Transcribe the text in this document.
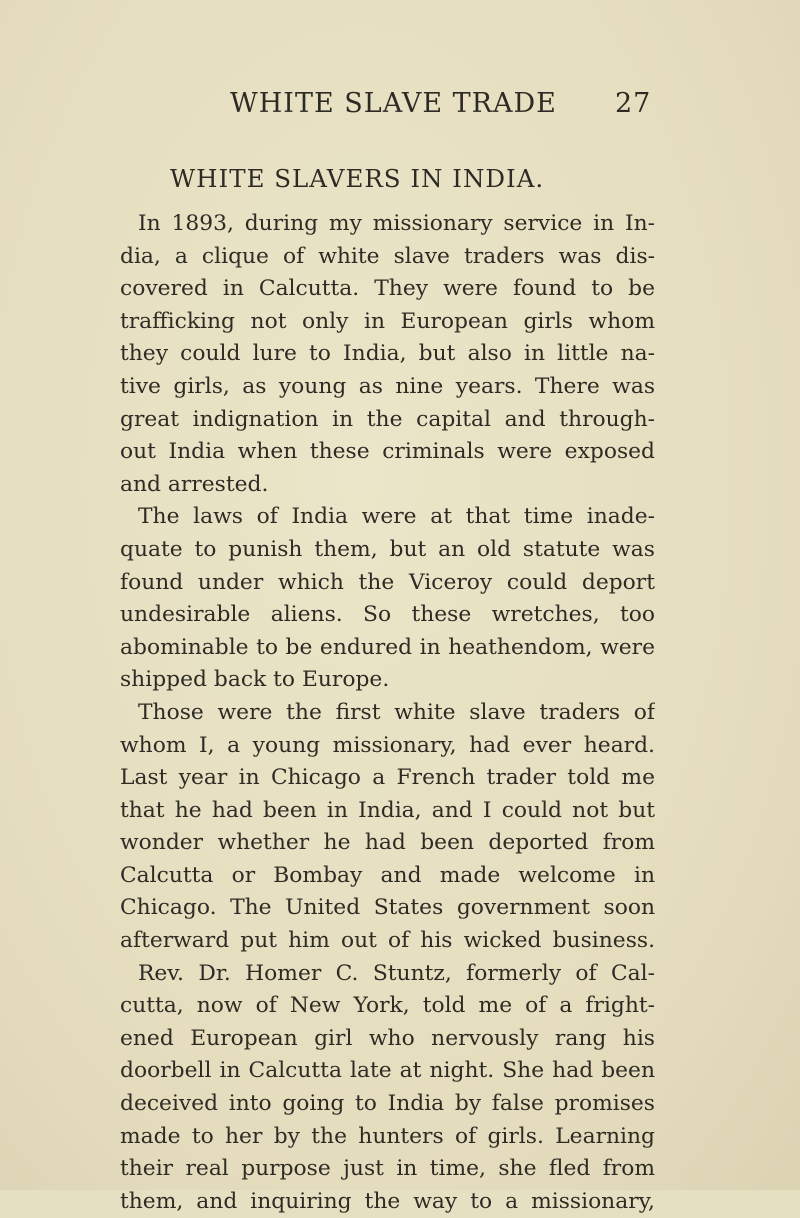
WHITE SLAVE TRADE 27
WHITE SLAVERS IN INDIA.
In 1893, during my missionary service in In-
dia, a clique of white slave traders was dis-
covered in Calcutta. They were found to be
trafficking not only in European girls whom
they could lure to India, but also in little na-
tive girls, as young as nine years. There was
great indignation in the capital and through-
out India when these criminals were exposed
and arrested.
The laws of India were at that time inade-
quate to punish them, but an old statute was
found under which the Viceroy could deport
undesirable aliens. So these wretches, too
abominable to be endured in heathendom, were
shipped back to Europe.
Those were the first white slave traders of
whom I, a young missionary, had ever heard.
Last year in Chicago a French trader told me
that he had been in India, and I could not but
wonder whether he had been deported from
Calcutta or Bombay and made welcome in
Chicago. The United States government soon
afterward put him out of his wicked business.
Rev. Dr. Homer C. Stuntz, formerly of Cal-
cutta, now of New York, told me of a fright-
ened European girl who nervously rang his
doorbell in Calcutta late at night. She had been
deceived into going to India by false promises
made to her by the hunters of girls. Learning
their real purpose just in time, she fled from
them, and inquiring the way to a missionary,
